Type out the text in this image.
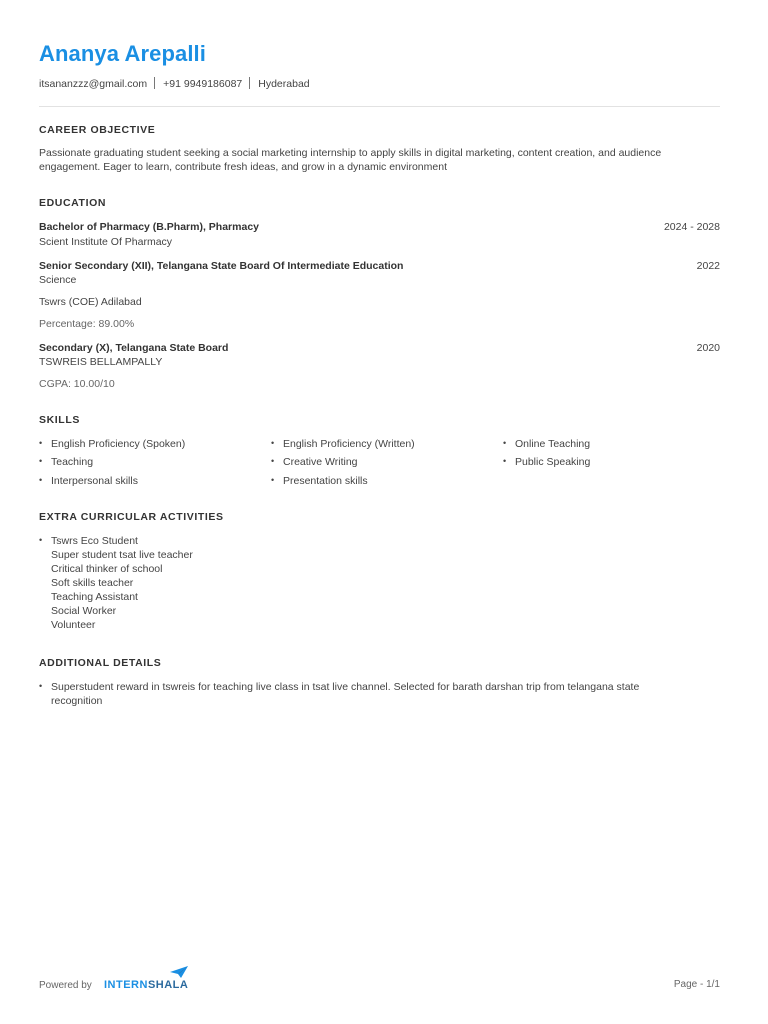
Ananya Arepalli
itsananzzz@gmail.com +91 9949186087 Hyderabad
CAREER OBJECTIVE

Passionate graduating student seeking a social marketing internship to apply skills in digital marketing, content creation, and audience

engagement. Eager to learn, contribute fresh ideas, and grow in a dynamic environment

EDUCATION
Bachelor of Pharmacy (B.Pharm), Pharmacy	2024 - 2028
Scient Institute Of Pharmacy
Senior Secondary (XII), Telangana State Board Of Intermediate Education	2022
Science
Tswrs (COE) Adilabad
Percentage: 89.00%
Secondary (X), Telangana State Board	2020
TSWREIS BELLAMPALLY
CGPA: 10.00/10
SKILLS
• English Proficiency (Spoken)	• English Proficiency (Written)	• Online Teaching
• Teaching	• Creative Writing	• Public Speaking
• Interpersonal skills	• Presentation skills
EXTRA CURRICULAR ACTIVITIES
• Tswrs Eco Student
Super student tsat live teacher
Critical thinker of school
Soft skills teacher
Teaching Assistant
Social Worker
Volunteer
ADDITIONAL DETAILS
• Superstudent reward in tswreis for teaching live class in tsat live channel. Selected for barath darshan trip from telangana state
recognition
Powered by INTERNSHALA	Page - 1/1
